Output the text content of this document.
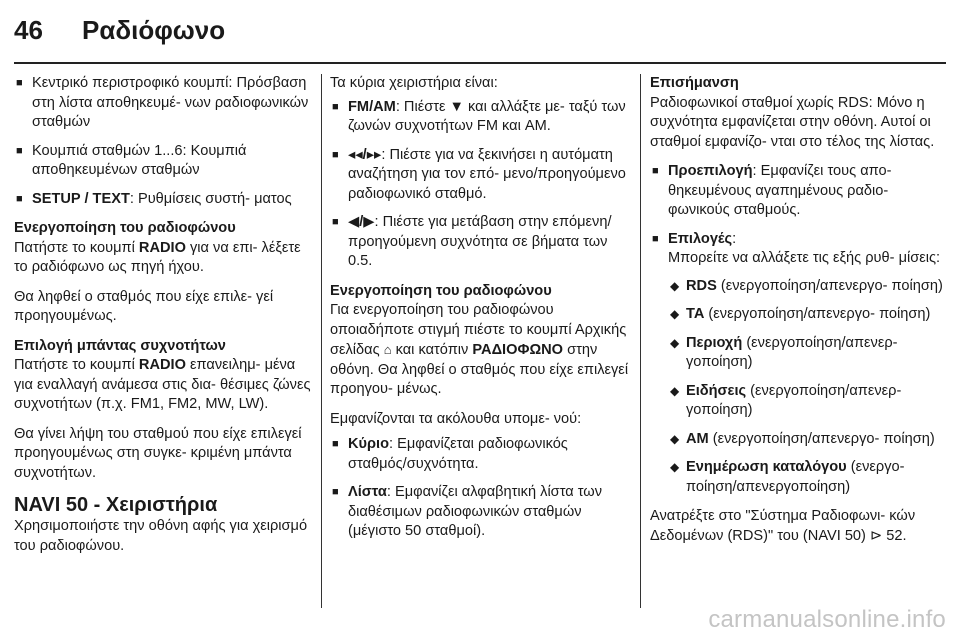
46 Ραδιόφωνο
■ Κεντρικό περιστροφικό κουμπί: Πρόσβαση στη λίστα αποθηκευμέ- νων ραδιοφωνικών σταθμών
■ Κουμπιά σταθμών 1...6: Κουμπιά αποθηκευμένων σταθμών
■ SETUP / TEXT: Ρυθμίσεις συστή- ματος

Ενεργοποίηση του ραδιοφώνου
Πατήστε το κουμπί RADIO για να επι- λέξετε το ραδιόφωνο ως πηγή ήχου.

Θα ληφθεί ο σταθμός που είχε επιλε- γεί προηγουμένως.

Επιλογή μπάντας συχνοτήτων
Πατήστε το κουμπί RADIO επανειλημ- μένα για εναλλαγή ανάμεσα στις δια- θέσιμες ζώνες συχνοτήτων (π.χ. FM1, FM2, MW, LW).

Θα γίνει λήψη του σταθμού που είχε επιλεγεί προηγουμένως στη συγκε- κριμένη μπάντα συχνοτήτων.

NAVI 50 - Χειριστήρια
Χρησιμοποιήστε την οθόνη αφής για χειρισμό του ραδιοφώνου.

Τα κύρια χειριστήρια είναι:

■ FM/AM: Πιέστε ▼ και αλλάξτε με- ταξύ των ζωνών συχνοτήτων FM και AM.
■ ◂◂/▸▸: Πιέστε για να ξεκινήσει η αυτόματη αναζήτηση για τον επό- μενο/προηγούμενο ραδιοφωνικό σταθμό.
■ ◀/▶: Πιέστε για μετάβαση στην επόμενη/προηγούμενη συχνότητα σε βήματα των 0.5.

Ενεργοποίηση του ραδιοφώνου
Για ενεργοποίηση του ραδιοφώνου οποιαδήποτε στιγμή πιέστε το κουμπί Αρχικής σελίδας ⌂ και κατόπιν ΡΑΔΙΟΦΩΝΟ στην οθόνη. Θα ληφθεί ο σταθμός που είχε επιλεγεί προηγου- μένως.

Εμφανίζονται τα ακόλουθα υπομε- νού:

■ Κύριο: Εμφανίζεται ραδιοφωνικός σταθμός/συχνότητα.
■ Λίστα: Εμφανίζει αλφαβητική λίστα των διαθέσιμων ραδιοφωνικών σταθμών (μέγιστο 50 σταθμοί).

Επισήμανση
Ραδιοφωνικοί σταθμοί χωρίς RDS: Μόνο η συχνότητα εμφανίζεται στην οθόνη. Αυτοί οι σταθμοί εμφανίζο- νται στο τέλος της λίστας.

■ Προεπιλογή: Εμφανίζει τους απο- θηκευμένους αγαπημένους ραδιο- φωνικούς σταθμούς.
■ Επιλογές:
Μπορείτε να αλλάξετε τις εξής ρυθ- μίσεις:
◆ RDS (ενεργοποίηση/απενεργο- ποίηση)
◆ TA (ενεργοποίηση/απενεργο- ποίηση)
◆ Περιοχή (ενεργοποίηση/απενερ- γοποίηση)
◆ Ειδήσεις (ενεργοποίηση/απενερ- γοποίηση)
◆ AM (ενεργοποίηση/απενεργο- ποίηση)
◆ Ενημέρωση καταλόγου (ενεργο- ποίηση/απενεργοποίηση)

Ανατρέξτε στο "Σύστημα Ραδιοφωνι- κών Δεδομένων (RDS)" του (NAVI 50) ⊳ 52.

carmanualsonline.info
